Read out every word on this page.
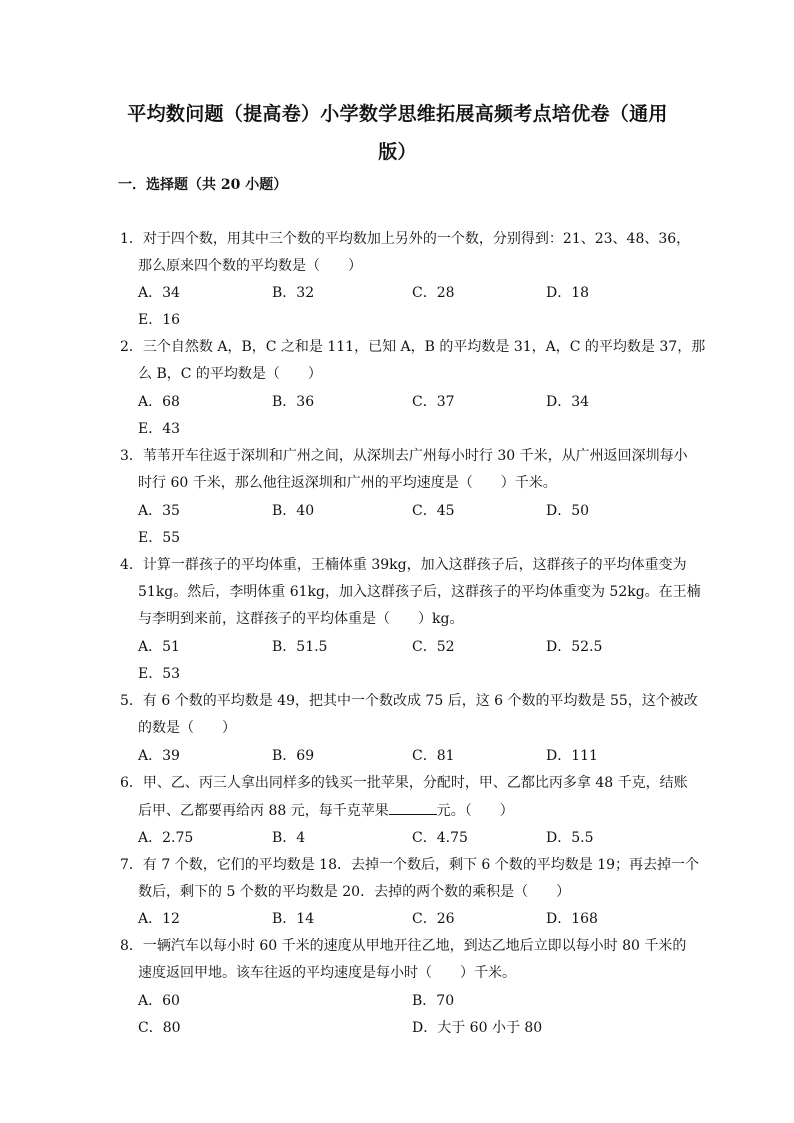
平均数问题（提高卷）小学数学思维拓展高频考点培优卷（通用
版）
一．选择题（共 20 小题）
1．对于四个数，用其中三个数的平均数加上另外的一个数，分别得到：21、23、48、36，
那么原来四个数的平均数是（　　）
A．34	B．32	C．28	D．18
E．16
2．三个自然数 A，B，C 之和是 111，已知 A，B 的平均数是 31，A，C 的平均数是 37，那
么 B，C 的平均数是（　　）
A．68	B．36	C．37	D．34
E．43
3．苇苇开车往返于深圳和广州之间，从深圳去广州每小时行 30 千米，从广州返回深圳每小
时行 60 千米，那么他往返深圳和广州的平均速度是（　　）千米。
A．35	B．40	C．45	D．50
E．55
4．计算一群孩子的平均体重，王楠体重 39kg，加入这群孩子后，这群孩子的平均体重变为
51kg。然后，李明体重 61kg，加入这群孩子后，这群孩子的平均体重变为 52kg。在王楠
与李明到来前，这群孩子的平均体重是（　　）kg。
A．51	B．51.5	C．52	D．52.5
E．53
5．有 6 个数的平均数是 49，把其中一个数改成 75 后，这 6 个数的平均数是 55，这个被改
的数是（　　）
A．39	B．69	C．81	D．111
6．甲、乙、丙三人拿出同样多的钱买一批苹果，分配时，甲、乙都比丙多拿 48 千克，结账
后甲、乙都要再给丙 88 元，每千克苹果	元。（　　）
A．2.75	B．4	C．4.75	D．5.5
7．有 7 个数，它们的平均数是 18．去掉一个数后，剩下 6 个数的平均数是 19；再去掉一个
数后，剩下的 5 个数的平均数是 20．去掉的两个数的乘积是（　　）
A．12	B．14	C．26	D．168
8．一辆汽车以每小时 60 千米的速度从甲地开往乙地，到达乙地后立即以每小时 80 千米的
速度返回甲地。该车往返的平均速度是每小时（　　）千米。
A．60	B．70
C．80	D．大于 60 小于 80
